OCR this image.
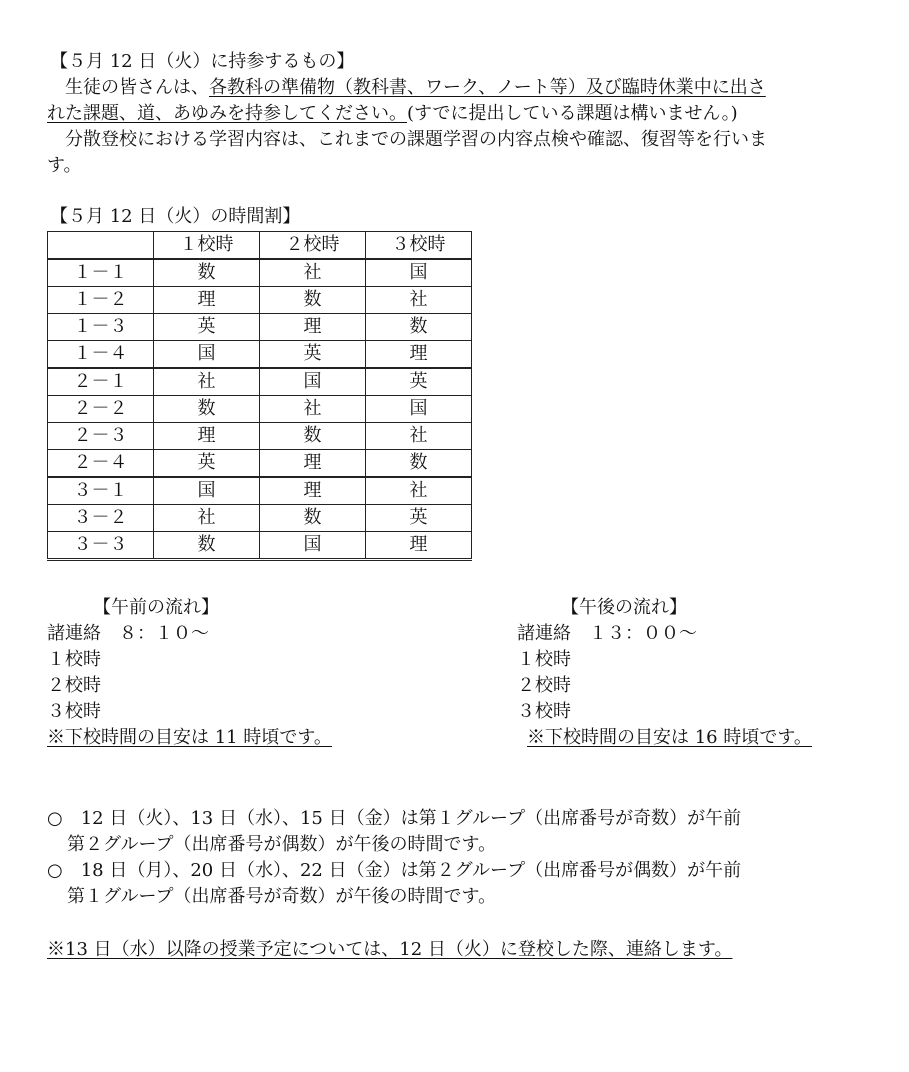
【５月 12 日（火）に持参するもの】
　生徒の皆さんは、各教科の準備物（教科書、ワーク、ノート等）及び臨時休業中に出さ
れた課題、道、あゆみを持参してください。(すでに提出している課題は構いません。)
　分散登校における学習内容は、これまでの課題学習の内容点検や確認、復習等を行いま
す。
【５月 12 日（火）の時間割】
	１校時	２校時	３校時
１－１	数	社	国
１－２	理	数	社
１－３	英	理	数
１－４	国	英	理
２－１	社	国	英
２－２	数	社	国
２－３	理	数	社
２－４	英	理	数
３－１	国	理	社
３－２	社	数	英
３－３	数	国	理
【午前の流れ】
諸連絡　８：１０～
１校時
２校時
３校時
※下校時間の目安は 11 時頃です。
【午後の流れ】
諸連絡　１３：００～
１校時
２校時
３校時
※下校時間の目安は 16 時頃です。
○　12 日（火）、13 日（水）、15 日（金）は第１グループ（出席番号が奇数）が午前
第２グループ（出席番号が偶数）が午後の時間です。
○　18 日（月）、20 日（水）、22 日（金）は第２グループ（出席番号が偶数）が午前
第１グループ（出席番号が奇数）が午後の時間です。
※13 日（水）以降の授業予定については、12 日（火）に登校した際、連絡します。
